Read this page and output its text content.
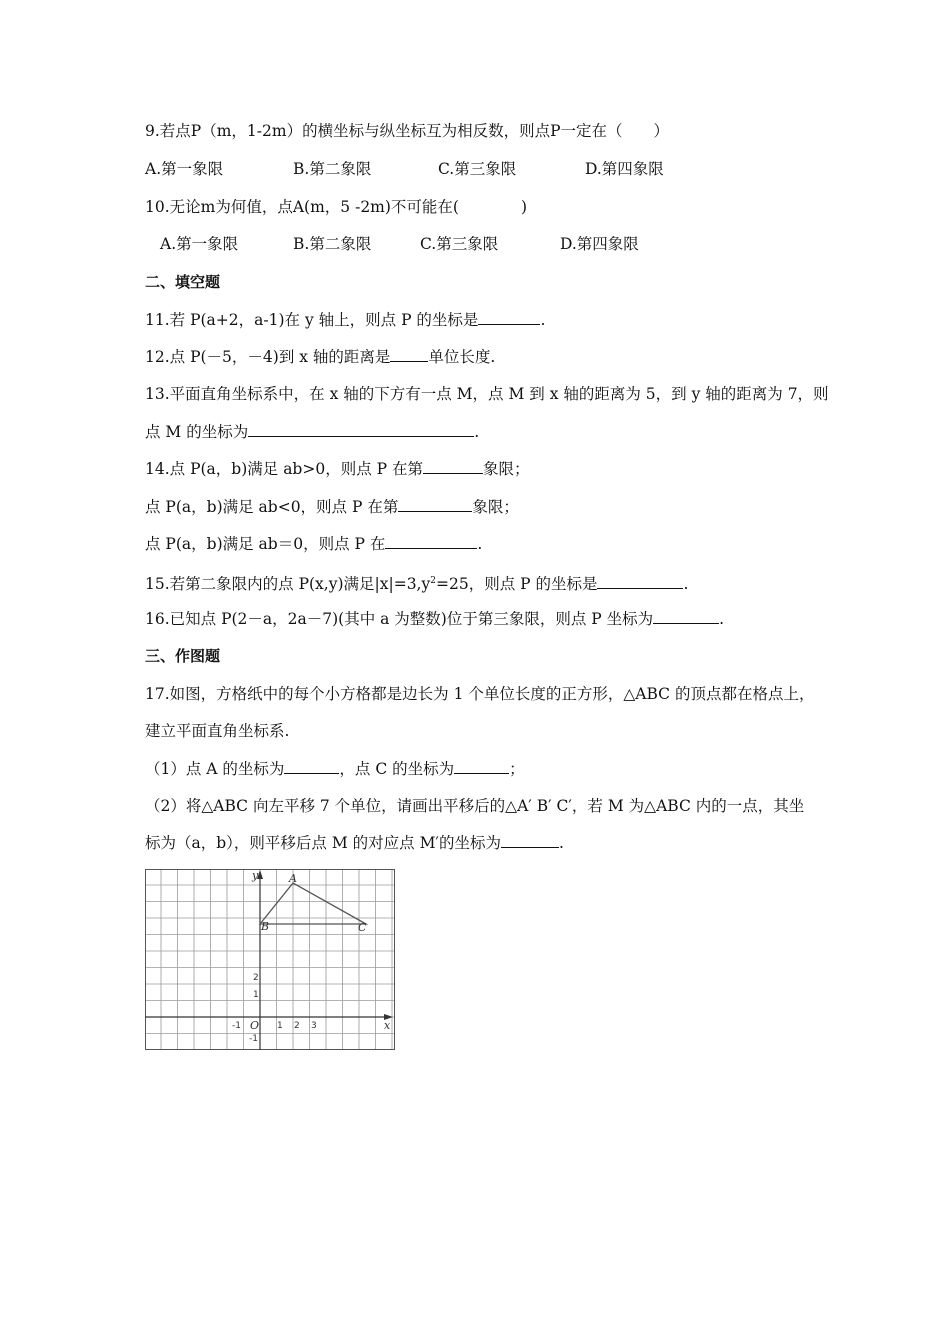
9.若点P（m，1-2m）的横坐标与纵坐标互为相反数，则点P一定在（　　）
A.第一象限	B.第二象限	C.第三象限	D.第四象限
10.无论m为何值，点A(m，5 -2m)不可能在(　　　　)
A.第一象限	B.第二象限	C.第三象限	D.第四象限
二、填空题
11.若 P(a+2，a-1)在 y 轴上，则点 P 的坐标是	.
12.点 P(－5，－4)到 x 轴的距离是 单位长度.
13.平面直角坐标系中，在 x 轴的下方有一点 M，点 M 到 x 轴的距离为 5，到 y 轴的距离为 7，则
点 M 的坐标为	.
14.点 P(a，b)满足 ab>0，则点 P 在第	象限；
点 P(a，b)满足 ab<0，则点 P 在第	象限；
点 P(a，b)满足 ab＝0，则点 P 在	.
15.若第二象限内的点 P(x,y)满足$|x|=3,y^2=25$，则点 P 的坐标是	.
16.已知点 P(2－a，2a－7)(其中 a 为整数)位于第三象限，则点 P 坐标为	.
三、作图题
17.如图，方格纸中的每个小方格都是边长为 1 个单位长度的正方形，△ABC 的顶点都在格点上，
建立平面直角坐标系.
（1）点 A 的坐标为	，点 C 的坐标为	；
（2）将△ABC 向左平移 7 个单位，请画出平移后的△A′ B′ C′，若 M 为△ABC 内的一点，其坐
标为（a，b），则平移后点 M 的对应点 M′的坐标为	.
y
x
A
B	C
O
-1	1 2 3
2
1
-1
